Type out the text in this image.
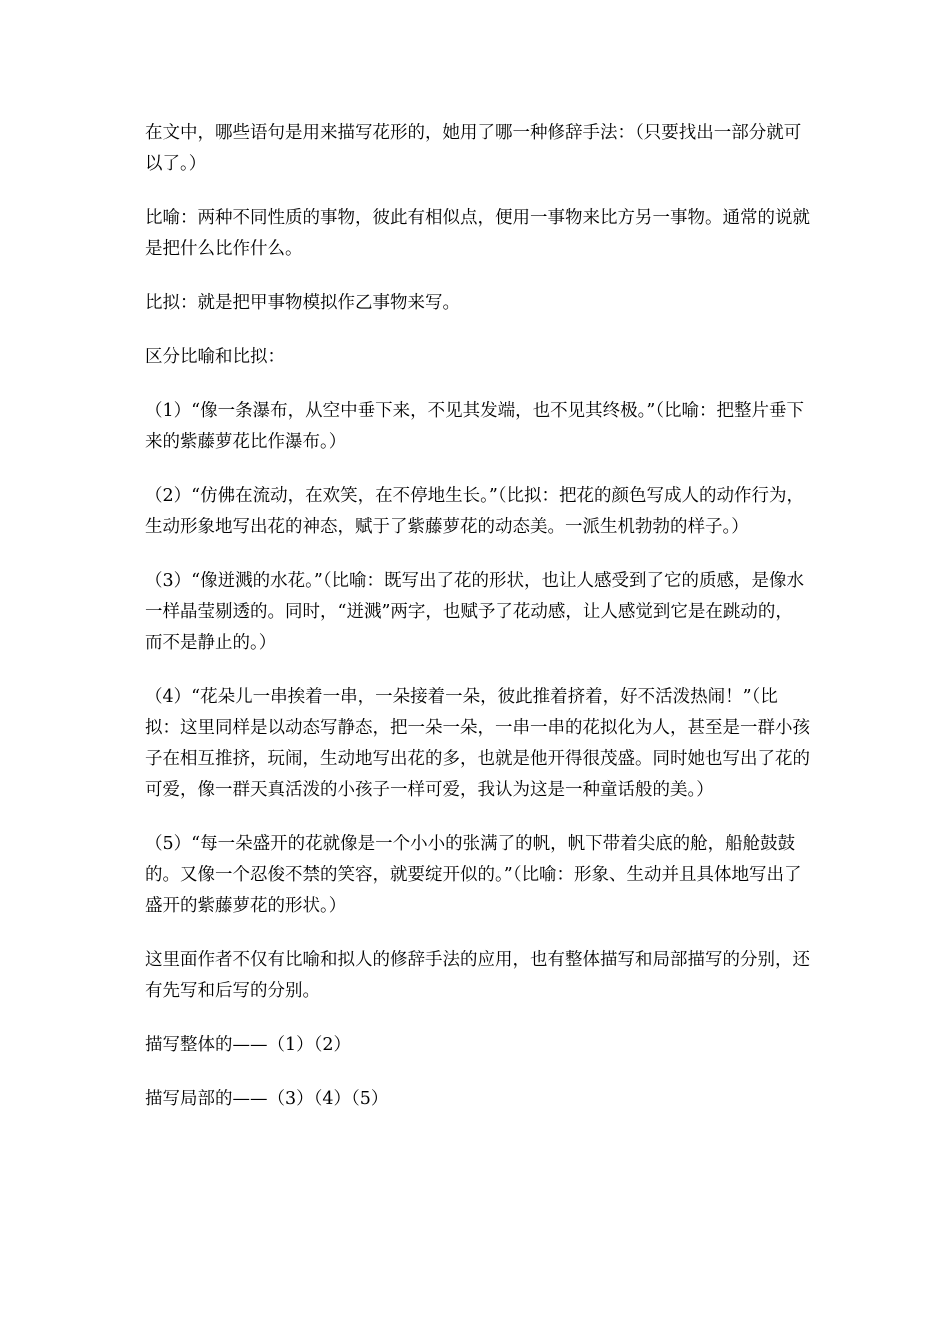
在文中，哪些语句是用来描写花形的，她用了哪一种修辞手法：（只要找出一部分就可以了。）

比喻：两种不同性质的事物，彼此有相似点，便用一事物来比方另一事物。通常的说就是把什么比作什么。

比拟：就是把甲事物模拟作乙事物来写。

区分比喻和比拟：

（1）“像一条瀑布，从空中垂下来，不见其发端，也不见其终极。”（比喻：把整片垂下来的紫藤萝花比作瀑布。）

（2）“仿佛在流动，在欢笑，在不停地生长。”（比拟：把花的颜色写成人的动作行为，生动形象地写出花的神态，赋于了紫藤萝花的动态美。一派生机勃勃的样子。）

（3）“像迸溅的水花。”（比喻：既写出了花的形状，也让人感受到了它的质感，是像水一样晶莹剔透的。同时，“迸溅”两字，也赋予了花动感，让人感觉到它是在跳动的，而不是静止的。）

（4）“花朵儿一串挨着一串，一朵接着一朵，彼此推着挤着，好不活泼热闹！”（比拟：这里同样是以动态写静态，把一朵一朵，一串一串的花拟化为人，甚至是一群小孩子在相互推挤，玩闹，生动地写出花的多，也就是他开得很茂盛。同时她也写出了花的可爱，像一群天真活泼的小孩子一样可爱，我认为这是一种童话般的美。）

（5）“每一朵盛开的花就像是一个小小的张满了的帆，帆下带着尖底的舱，船舱鼓鼓的。又像一个忍俊不禁的笑容，就要绽开似的。”（比喻：形象、生动并且具体地写出了盛开的紫藤萝花的形状。）

这里面作者不仅有比喻和拟人的修辞手法的应用，也有整体描写和局部描写的分别，还有先写和后写的分别。

描写整体的——（1）（2）

描写局部的——（3）（4）（5）
